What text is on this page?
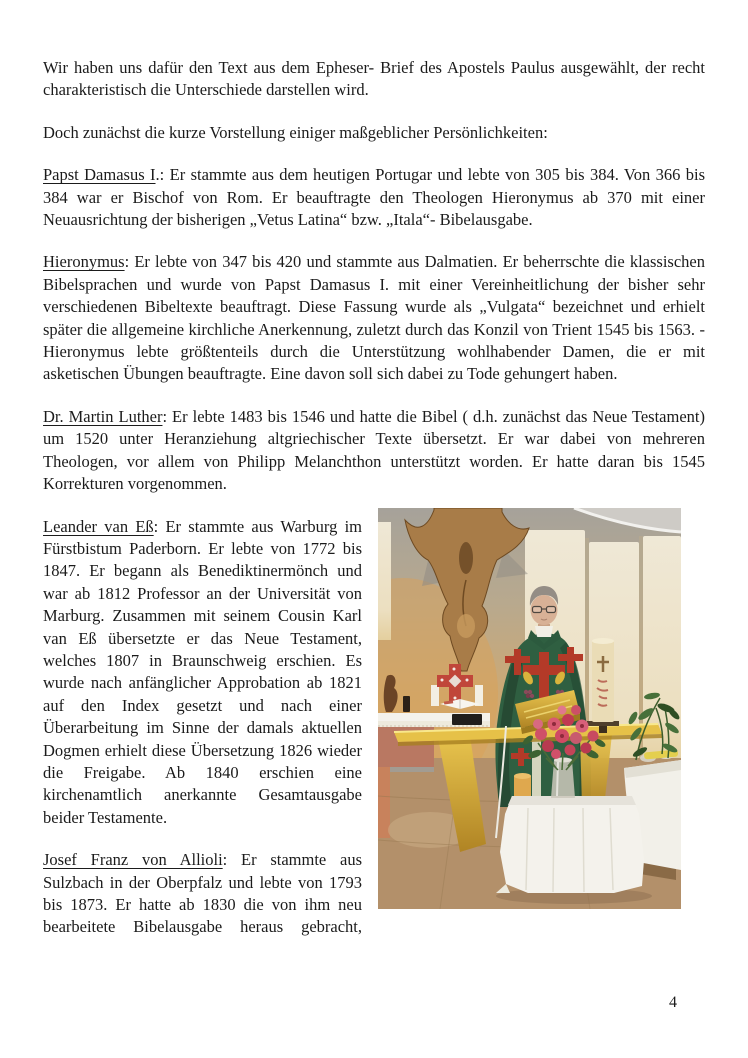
Wir haben uns dafür den Text aus dem Epheser- Brief des Apostels Paulus ausgewählt, der recht charakteristisch die Unterschiede darstellen wird.

Doch zunächst die kurze Vorstellung einiger maßgeblicher Persönlichkeiten:

Papst Damasus I.: Er stammte aus dem heutigen Portugar und lebte von 305 bis 384. Von 366 bis 384 war er Bischof von Rom. Er beauftragte den Theologen Hieronymus ab 370 mit einer Neuausrichtung der bisherigen „Vetus Latina“ bzw. „Itala“- Bibelausgabe.

Hieronymus: Er lebte von 347 bis 420 und stammte aus Dalmatien. Er beherrschte die klassischen Bibelsprachen und wurde von Papst Damasus I. mit einer Vereinheitlichung der bisher sehr verschiedenen Bibeltexte beauftragt. Diese Fassung wurde als „Vulgata“ bezeichnet und erhielt später die allgemeine kirchliche Anerkennung, zuletzt durch das Konzil von Trient 1545 bis 1563. - Hieronymus lebte größtenteils durch die Unterstützung wohlhabender Damen, die er mit asketischen Übungen beauftragte. Eine davon soll sich dabei zu Tode gehungert haben.

Dr. Martin Luther: Er lebte 1483 bis 1546 und hatte die Bibel ( d.h. zunächst das Neue Testament) um 1520 unter Heranziehung altgriechischer Texte übersetzt. Er war dabei von mehreren Theologen, vor allem von Philipp Melanchthon unterstützt worden. Er hatte daran bis 1545 Korrekturen vorgenommen.

Leander van Eß: Er stammte aus Warburg im Fürstbistum Paderborn. Er lebte von 1772 bis 1847. Er begann als Benediktinermönch und war ab 1812 Professor an der Universität von Marburg. Zusammen mit seinem Cousin Karl van Eß übersetzte er das Neue Testament, welches 1807 in Braunschweig erschien. Es wurde nach anfänglicher Approbation ab 1821 auf den Index gesetzt und nach einer Überarbeitung im Sinne der damals aktuellen Dogmen erhielt diese Übersetzung 1826 wieder die Freigabe. Ab 1840 erschien eine kirchenamtlich anerkannte Gesamtausgabe beider Testamente.

Josef Franz von Allioli: Er stammte aus Sulzbach in der Oberpfalz und lebte von 1793 bis 1873. Er hatte ab 1830 die von ihm neu bearbeitete Bibelausgabe heraus gebracht,

4
